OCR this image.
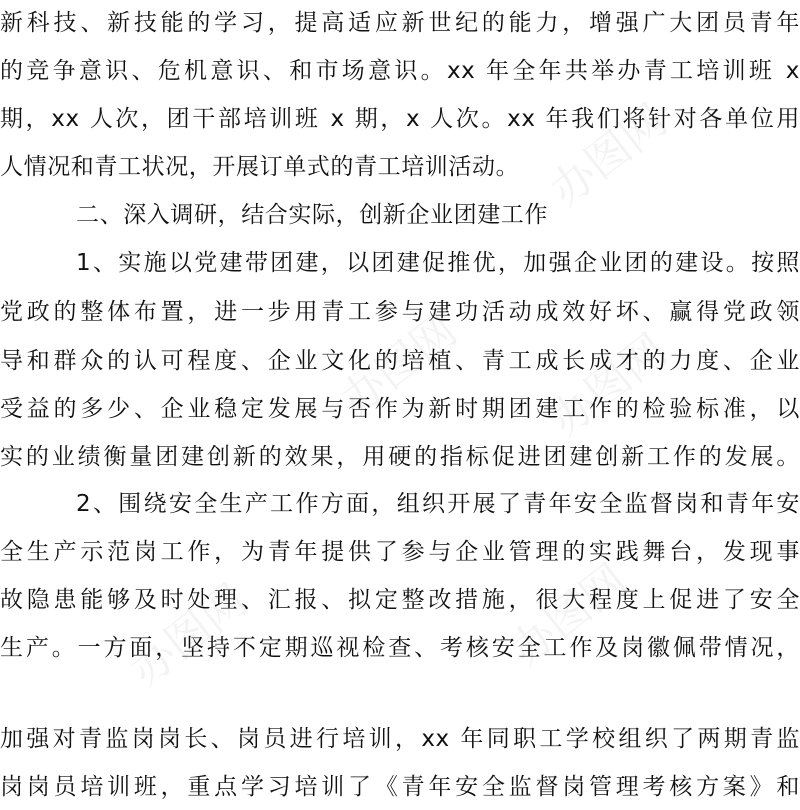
办图网
办图网 办图网
办图网
办图网
新科技、新技能的学习，提高适应新世纪的能力，增强广大团员青年
的竞争意识、危机意识、和市场意识。xx 年全年共举办青工培训班 x
期，xx 人次，团干部培训班 x 期，x 人次。xx 年我们将针对各单位用
人情况和青工状况，开展订单式的青工培训活动。
二、深入调研，结合实际，创新企业团建工作
1、实施以党建带团建，以团建促推优，加强企业团的建设。按照
党政的整体布置，进一步用青工参与建功活动成效好坏、赢得党政领
导和群众的认可程度、企业文化的培植、青工成长成才的力度、企业
受益的多少、企业稳定发展与否作为新时期团建工作的检验标准，以
实的业绩衡量团建创新的效果，用硬的指标促进团建创新工作的发展。
2、围绕安全生产工作方面，组织开展了青年安全监督岗和青年安
全生产示范岗工作，为青年提供了参与企业管理的实践舞台，发现事
故隐患能够及时处理、汇报、拟定整改措施，很大程度上促进了安全
生产。一方面，坚持不定期巡视检查、考核安全工作及岗徽佩带情况，
加强对青监岗岗长、岗员进行培训，xx 年同职工学校组织了两期青监
岗岗员培训班，重点学习培训了《青年安全监督岗管理考核方案》和
